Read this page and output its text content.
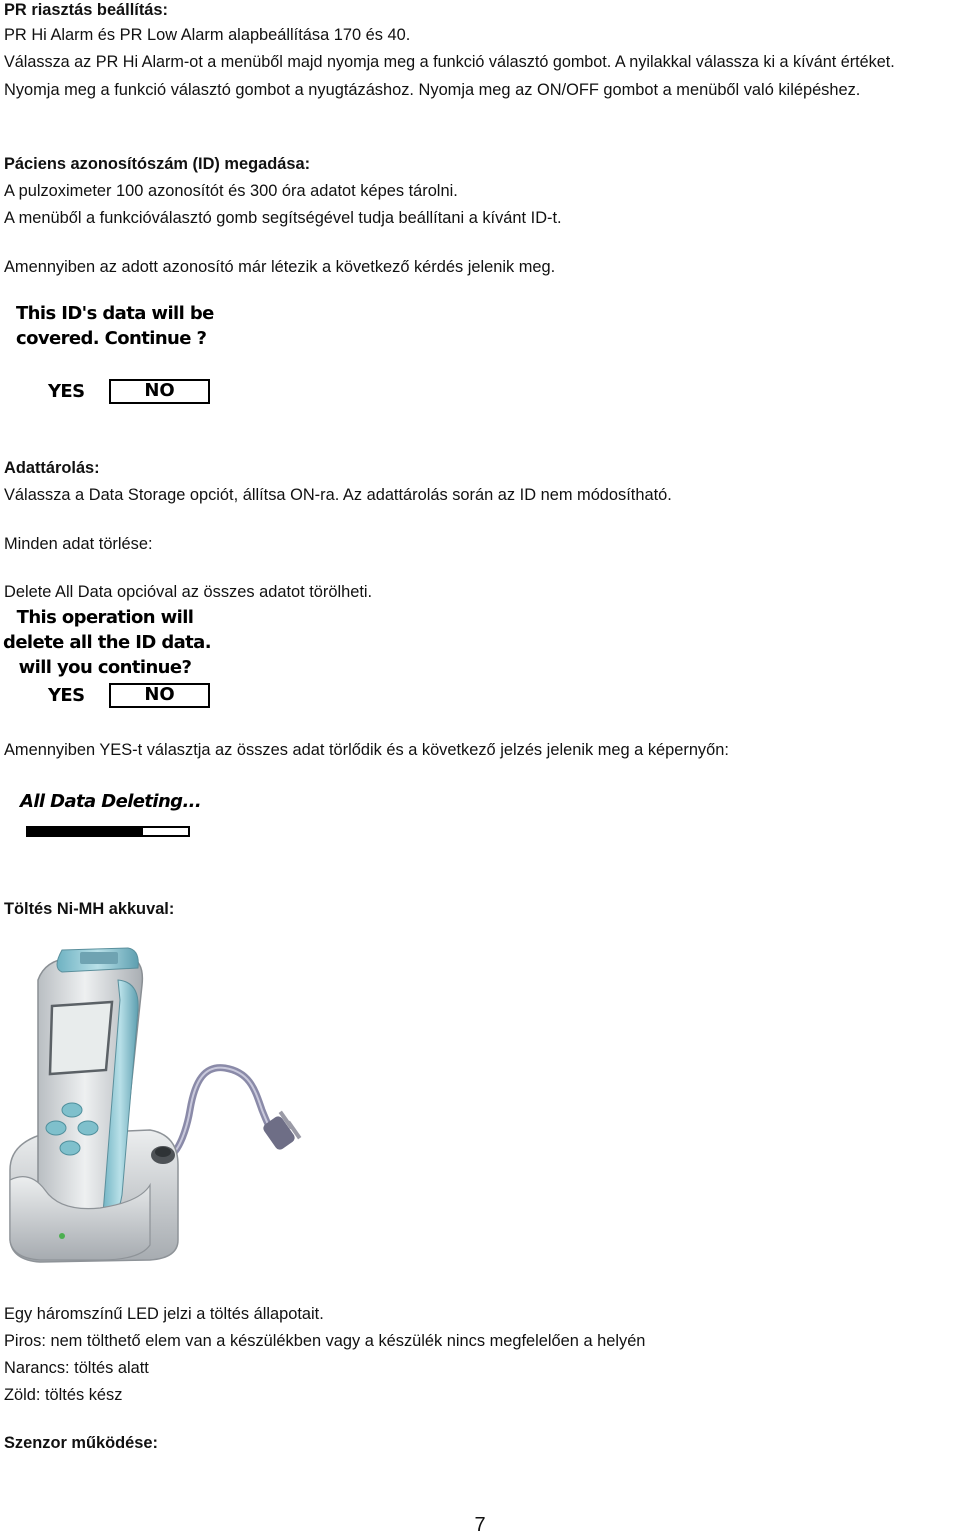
PR riasztás beállítás:

PR Hi Alarm és PR Low Alarm alapbeállítása 170 és 40.

Válassza az PR Hi Alarm-ot a menüből majd nyomja meg a funkció választó gombot. A nyilakkal válassza ki a kívánt értéket.

Nyomja meg a funkció választó gombot a nyugtázáshoz. Nyomja meg az ON/OFF gombot a menüből való kilépéshez.

Páciens azonosítószám (ID) megadása:

A pulzoximeter 100 azonosítót és 300 óra adatot képes tárolni.

A menüből a funkcióválasztó gomb segítségével tudja beállítani a kívánt ID-t.

Amennyiben az adott azonosító már létezik a következő kérdés jelenik meg.

This ID's data will be
covered. Continue ?
YES	NO

Adattárolás:

Válassza a Data Storage opciót, állítsa ON-ra. Az adattárolás során az ID nem módosítható.

Minden adat törlése:

Delete All Data opcióval az összes adatot törölheti.

This operation will
delete all the ID data.
will you continue?
YES	NO

Amennyiben YES-t választja az összes adat törlődik és a következő jelzés jelenik meg a képernyőn:

All Data Deleting...

Töltés Ni-MH akkuval:

Egy háromszínű LED jelzi a töltés állapotait.

Piros: nem tölthető elem van a készülékben vagy a készülék nincs megfelelően a helyén

Narancs: töltés alatt

Zöld: töltés kész

Szenzor működése:

7
